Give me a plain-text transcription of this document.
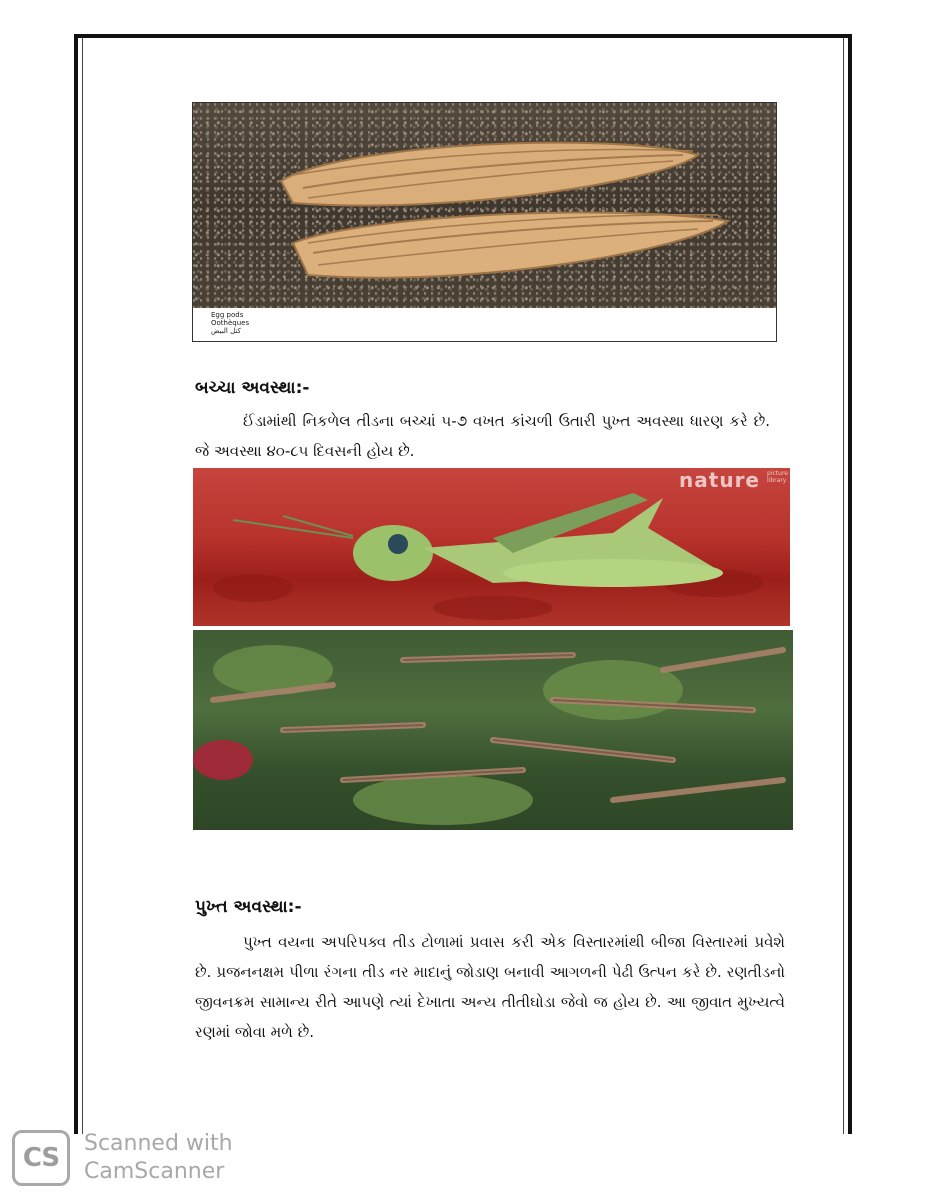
Egg pods
Oothèques
كتل البيض
બચ્ચા અવસ્થા:-

ઈંડામાંથી નિકળેલ તીડના બચ્ચાં ૫-૭ વખત કાંચળી ઉતારી પુખ્ત અવસ્થા ધારણ કરે છે. જે અવસ્થા ૪૦-૮૫ દિવસની હોય છે.

nature picture
library
પુખ્ત અવસ્થા:-

પુખ્ત વયના અપરિપક્વ તીડ ટોળામાં પ્રવાસ કરી એક વિસ્તારમાંથી બીજા વિસ્તારમાં પ્રવેશે છે. પ્રજનનક્ષમ પીળા રંગના તીડ નર માદાનું જોડાણ બનાવી આગળની પેઢી ઉત્પન કરે છે. રણતીડનો જીવનક્રમ સામાન્ય રીતે આપણે ત્યાં દેખાતા અન્ય તીતીઘોડા જેવો જ હોય છે. આ જીવાત મુખ્યત્વે રણમાં જોવા મળે છે.

CS	Scanned with
CamScanner
